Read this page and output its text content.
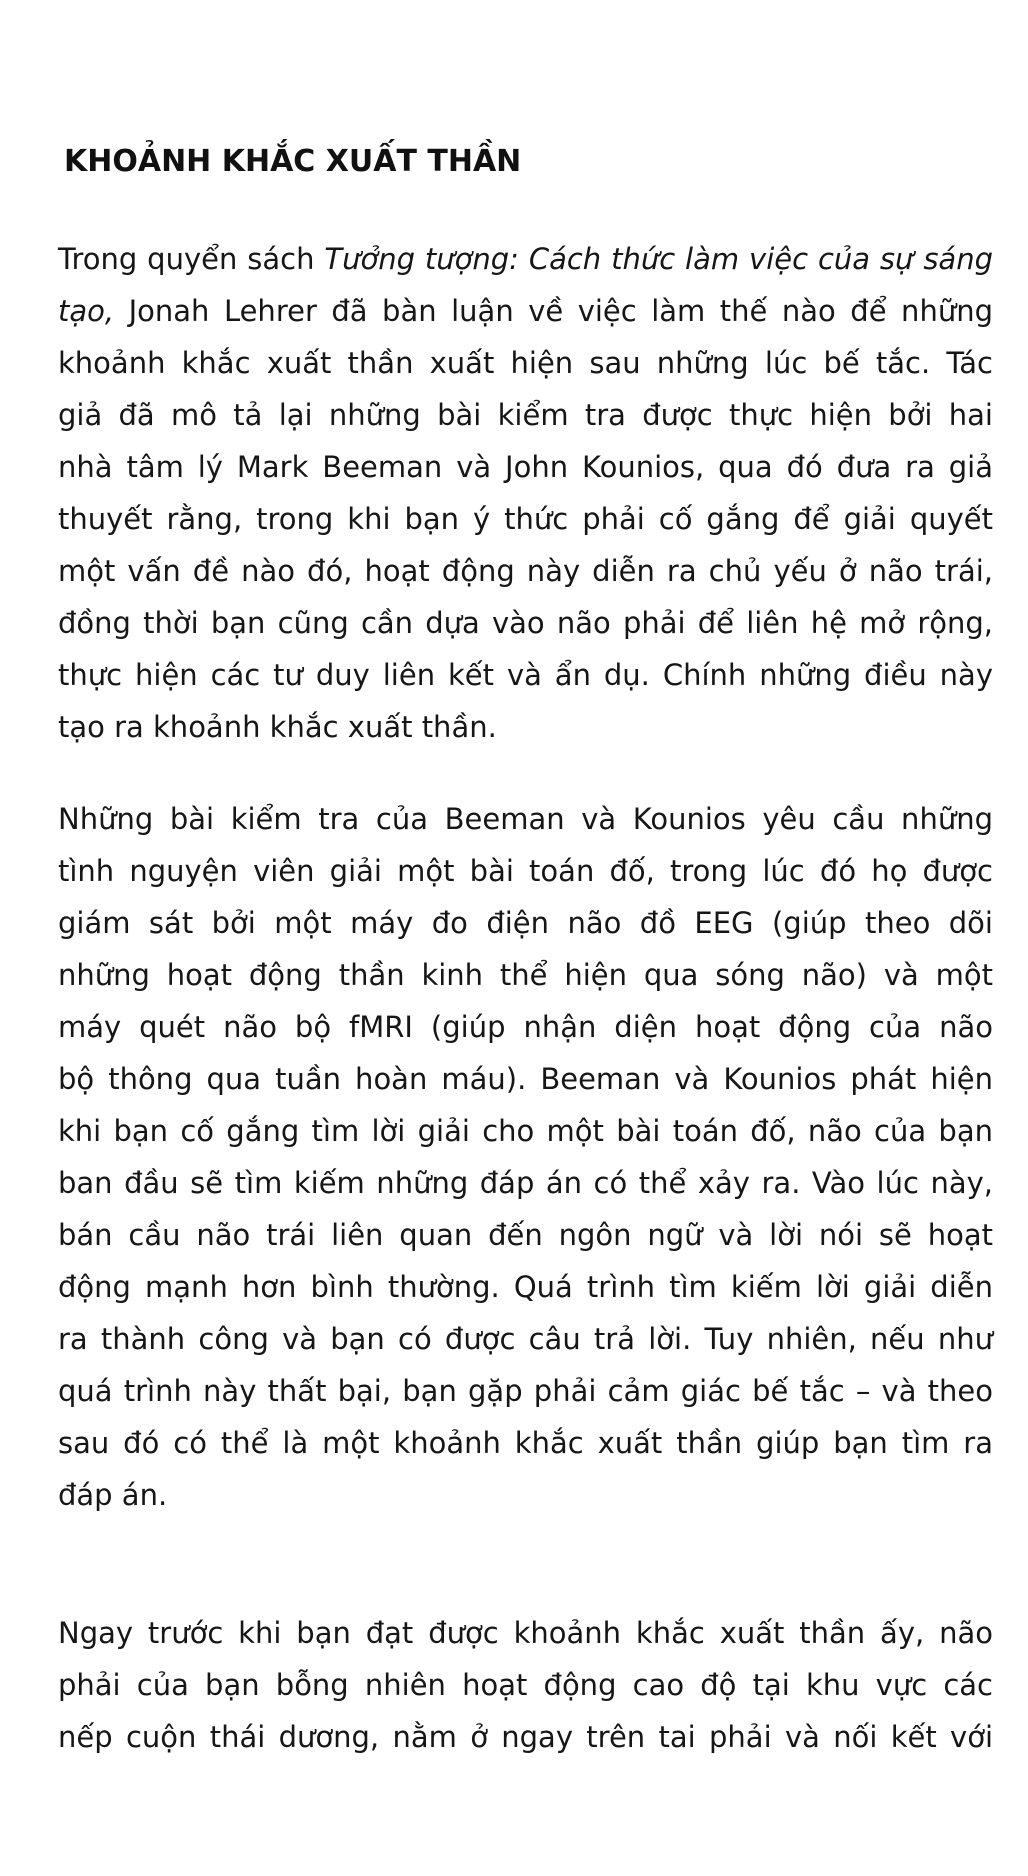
KHOẢNH KHẮC XUẤT THẦN
Trong quyển sách Tưởng tượng: Cách thức làm việc của sự sáng
tạo, Jonah Lehrer đã bàn luận về việc làm thế nào để những
khoảnh khắc xuất thần xuất hiện sau những lúc bế tắc. Tác
giả đã mô tả lại những bài kiểm tra được thực hiện bởi hai
nhà tâm lý Mark Beeman và John Kounios, qua đó đưa ra giả
thuyết rằng, trong khi bạn ý thức phải cố gắng để giải quyết
một vấn đề nào đó, hoạt động này diễn ra chủ yếu ở não trái,
đồng thời bạn cũng cần dựa vào não phải để liên hệ mở rộng,
thực hiện các tư duy liên kết và ẩn dụ. Chính những điều này
tạo ra khoảnh khắc xuất thần.
Những bài kiểm tra của Beeman và Kounios yêu cầu những
tình nguyện viên giải một bài toán đố, trong lúc đó họ được
giám sát bởi một máy đo điện não đồ EEG (giúp theo dõi
những hoạt động thần kinh thể hiện qua sóng não) và một
máy quét não bộ fMRI (giúp nhận diện hoạt động của não
bộ thông qua tuần hoàn máu). Beeman và Kounios phát hiện
khi bạn cố gắng tìm lời giải cho một bài toán đố, não của bạn
ban đầu sẽ tìm kiếm những đáp án có thể xảy ra. Vào lúc này,
bán cầu não trái liên quan đến ngôn ngữ và lời nói sẽ hoạt
động mạnh hơn bình thường. Quá trình tìm kiếm lời giải diễn
ra thành công và bạn có được câu trả lời. Tuy nhiên, nếu như
quá trình này thất bại, bạn gặp phải cảm giác bế tắc – và theo
sau đó có thể là một khoảnh khắc xuất thần giúp bạn tìm ra
đáp án.
Ngay trước khi bạn đạt được khoảnh khắc xuất thần ấy, não
phải của bạn bỗng nhiên hoạt động cao độ tại khu vực các
nếp cuộn thái dương, nằm ở ngay trên tai phải và nối kết với
